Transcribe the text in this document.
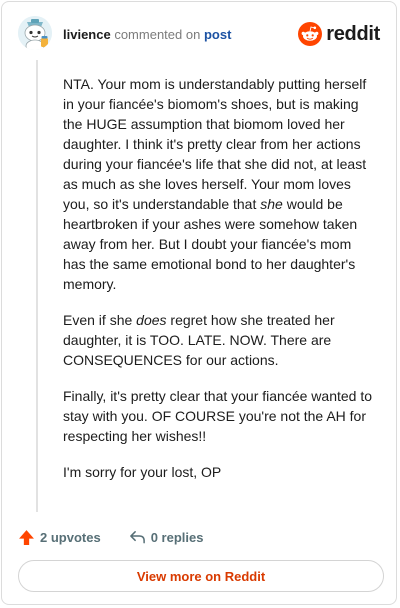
livience commented on post	reddit

NTA. Your mom is understandably putting herself in your fiancée's biomom's shoes, but is making the HUGE assumption that biomom loved her daughter. I think it's pretty clear from her actions during your fiancée's life that she did not, at least as much as she loves herself. Your mom loves you, so it's understandable that she would be heartbroken if your ashes were somehow taken away from her. But I doubt your fiancée's mom has the same emotional bond to her daughter's memory.

Even if she does regret how she treated her daughter, it is TOO. LATE. NOW. There are CONSEQUENCES for our actions.

Finally, it's pretty clear that your fiancée wanted to stay with you. OF COURSE you're not the AH for respecting her wishes!!

I'm sorry for your lost, OP

2 upvotes	0 replies
View more on Reddit
